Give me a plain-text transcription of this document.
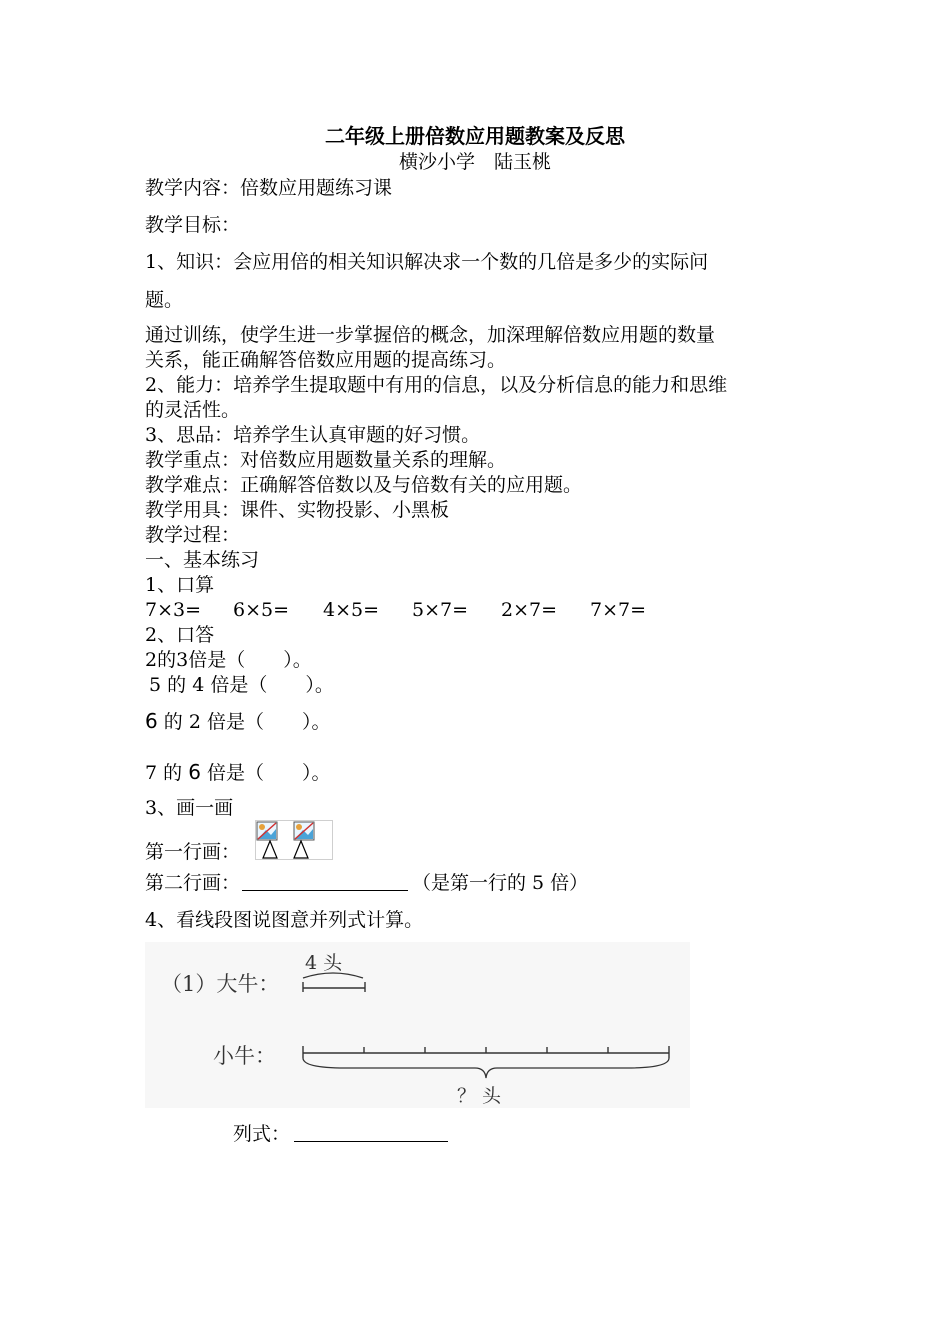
二年级上册倍数应用题教案及反思
横沙小学　陆玉桃
教学内容：倍数应用题练习课
教学目标：
1、知识：会应用倍的相关知识解决求一个数的几倍是多少的实际问
题。
通过训练，使学生进一步掌握倍的概念，加深理解倍数应用题的数量
关系，能正确解答倍数应用题的提高练习。
2、能力：培养学生提取题中有用的信息，以及分析信息的能力和思维
的灵活性。
3、思品：培养学生认真审题的好习惯。
教学重点：对倍数应用题数量关系的理解。
教学难点：正确解答倍数以及与倍数有关的应用题。
教学用具：课件、实物投影、小黑板
教学过程：
一、基本练习
1、口算
7×3= 6×5= 4×5= 5×7= 2×7= 7×7=
2、口答
2的3倍是（　　）。
5 的 4 倍是（　　）。
6 的 2 倍是（　　）。
7 的 6 倍是（　　）。
3、画一画
第一行画：
第二行画：	（是第一行的 5 倍）
4、看线段图说图意并列式计算。
（1）大牛：
4 头
小牛：
？ 头
列式：
